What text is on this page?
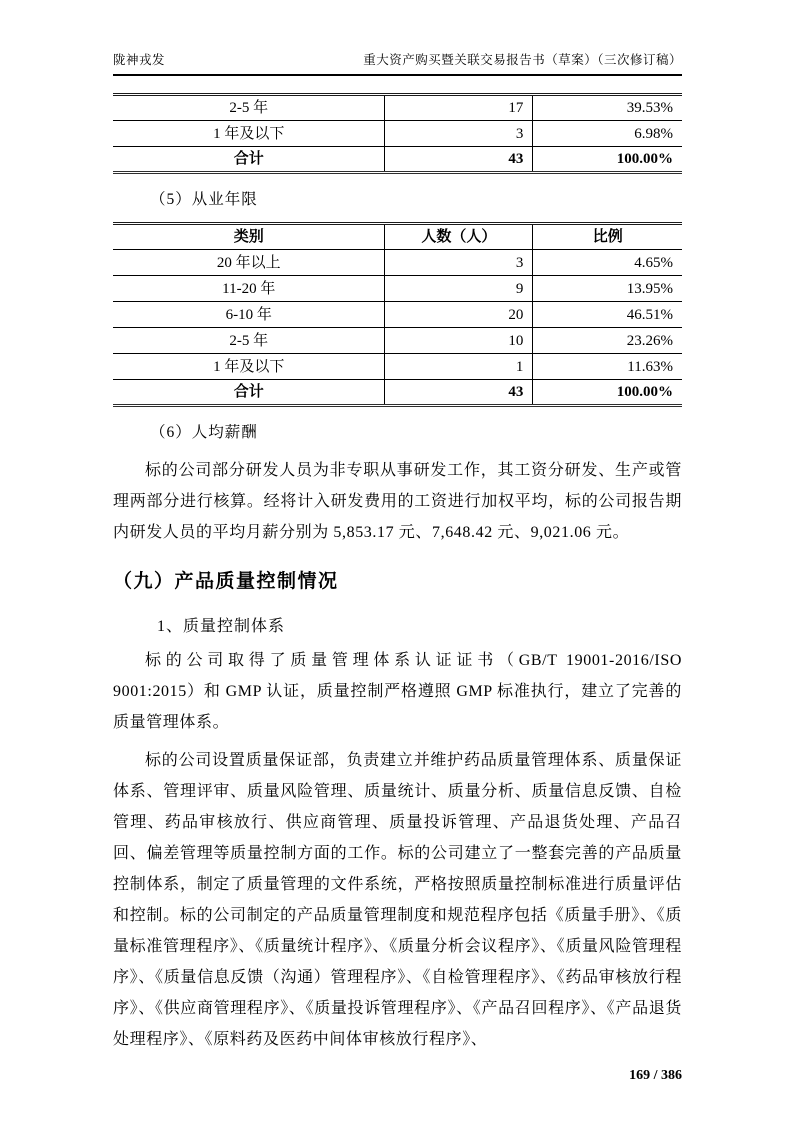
陇神戎发	重大资产购买暨关联交易报告书（草案）（三次修订稿）
2-5 年	17	39.53%
1 年及以下	3	6.98%
合计	43	100.00%

（5）从业年限

类别	人数（人）	比例
20 年以上	3	4.65%
11-20 年	9	13.95%
6-10 年	20	46.51%
2-5 年	10	23.26%
1 年及以下	1	11.63%
合计	43	100.00%

（6）人均薪酬

标的公司部分研发人员为非专职从事研发工作，其工资分研发、生产或管理两部分进行核算。经将计入研发费用的工资进行加权平均，标的公司报告期内研发人员的平均月薪分别为 5,853.17 元、7,648.42 元、9,021.06 元。

（九）产品质量控制情况

1、质量控制体系

标的公司取得了质量管理体系认证证书（GB/T 19001-2016/ISO 9001:2015）和 GMP 认证，质量控制严格遵照 GMP 标准执行，建立了完善的质量管理体系。

标的公司设置质量保证部，负责建立并维护药品质量管理体系、质量保证体系、管理评审、质量风险管理、质量统计、质量分析、质量信息反馈、自检管理、药品审核放行、供应商管理、质量投诉管理、产品退货处理、产品召回、偏差管理等质量控制方面的工作。标的公司建立了一整套完善的产品质量控制体系，制定了质量管理的文件系统，严格按照质量控制标准进行质量评估和控制。标的公司制定的产品质量管理制度和规范程序包括《质量手册》、《质量标准管理程序》、《质量统计程序》、《质量分析会议程序》、《质量风险管理程序》、《质量信息反馈（沟通）管理程序》、《自检管理程序》、《药品审核放行程序》、《供应商管理程序》、《质量投诉管理程序》、《产品召回程序》、《产品退货处理程序》、《原料药及医药中间体审核放行程序》、

169 / 386
